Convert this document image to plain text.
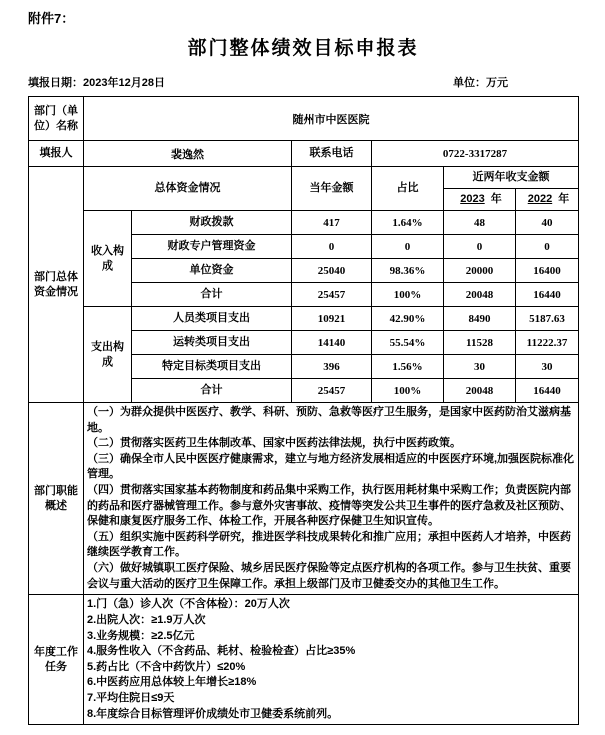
附件7：
部门整体绩效目标申报表
填报日期：2023年12月28日	单位：万元
部门（单位）名称	随州市中医医院					
填报人	裴逸然		联系电话	0722-3317287		
部门总体资金情况	总体资金情况		当年金额	占比	近两年收支金额	
					2023 年	2022 年
	收入构成	财政拨款	417	1.64%	48	40
		财政专户管理资金	0	0	0	0
		单位资金	25040	98.36%	20000	16400
		合计	25457	100%	20048	16440
	支出构成	人员类项目支出	10921	42.90%	8490	5187.63
		运转类项目支出	14140	55.54%	11528	11222.37
		特定目标类项目支出	396	1.56%	30	30
		合计	25457	100%	20048	16440
部门职能概述	
（一）为群众提供中医医疗、教学、科研、预防、急救等医疗卫生服务，是国家中医药防治艾滋病基地。
（二）贯彻落实医药卫生体制改革、国家中医药法律法规，执行中医药政策。
（三）确保全市人民中医医疗健康需求，建立与地方经济发展相适应的中医医疗环境,加强医院标准化管理。
（四）贯彻落实国家基本药物制度和药品集中采购工作，执行医用耗材集中采购工作；负责医院内部的药品和医疗器械管理工作。参与意外灾害事故、疫情等突发公共卫生事件的医疗急救及社区预防、保健和康复医疗服务工作、体检工作，开展各种医疗保健卫生知识宣传。
（五）组织实施中医药科学研究，推进医学科技成果转化和推广应用；承担中医药人才培养，中医药继续医学教育工作。
（六）做好城镇职工医疗保险、城乡居民医疗保险等定点医疗机构的各项工作。参与卫生扶贫、重要会议与重大活动的医疗卫生保障工作。承担上级部门及市卫健委交办的其他卫生工作。

年度工作任务	
1.门（急）诊人次（不含体检）：20万人次
2.出院人次：≥1.9万人次
3.业务规模：≥2.5亿元
4.服务性收入（不含药品、耗材、检验检查）占比≥35%
5.药占比（不含中药饮片）≤20%
6.中医药应用总体较上年增长≥18%
7.平均住院日≤9天
8.年度综合目标管理评价成绩处市卫健委系统前列。
